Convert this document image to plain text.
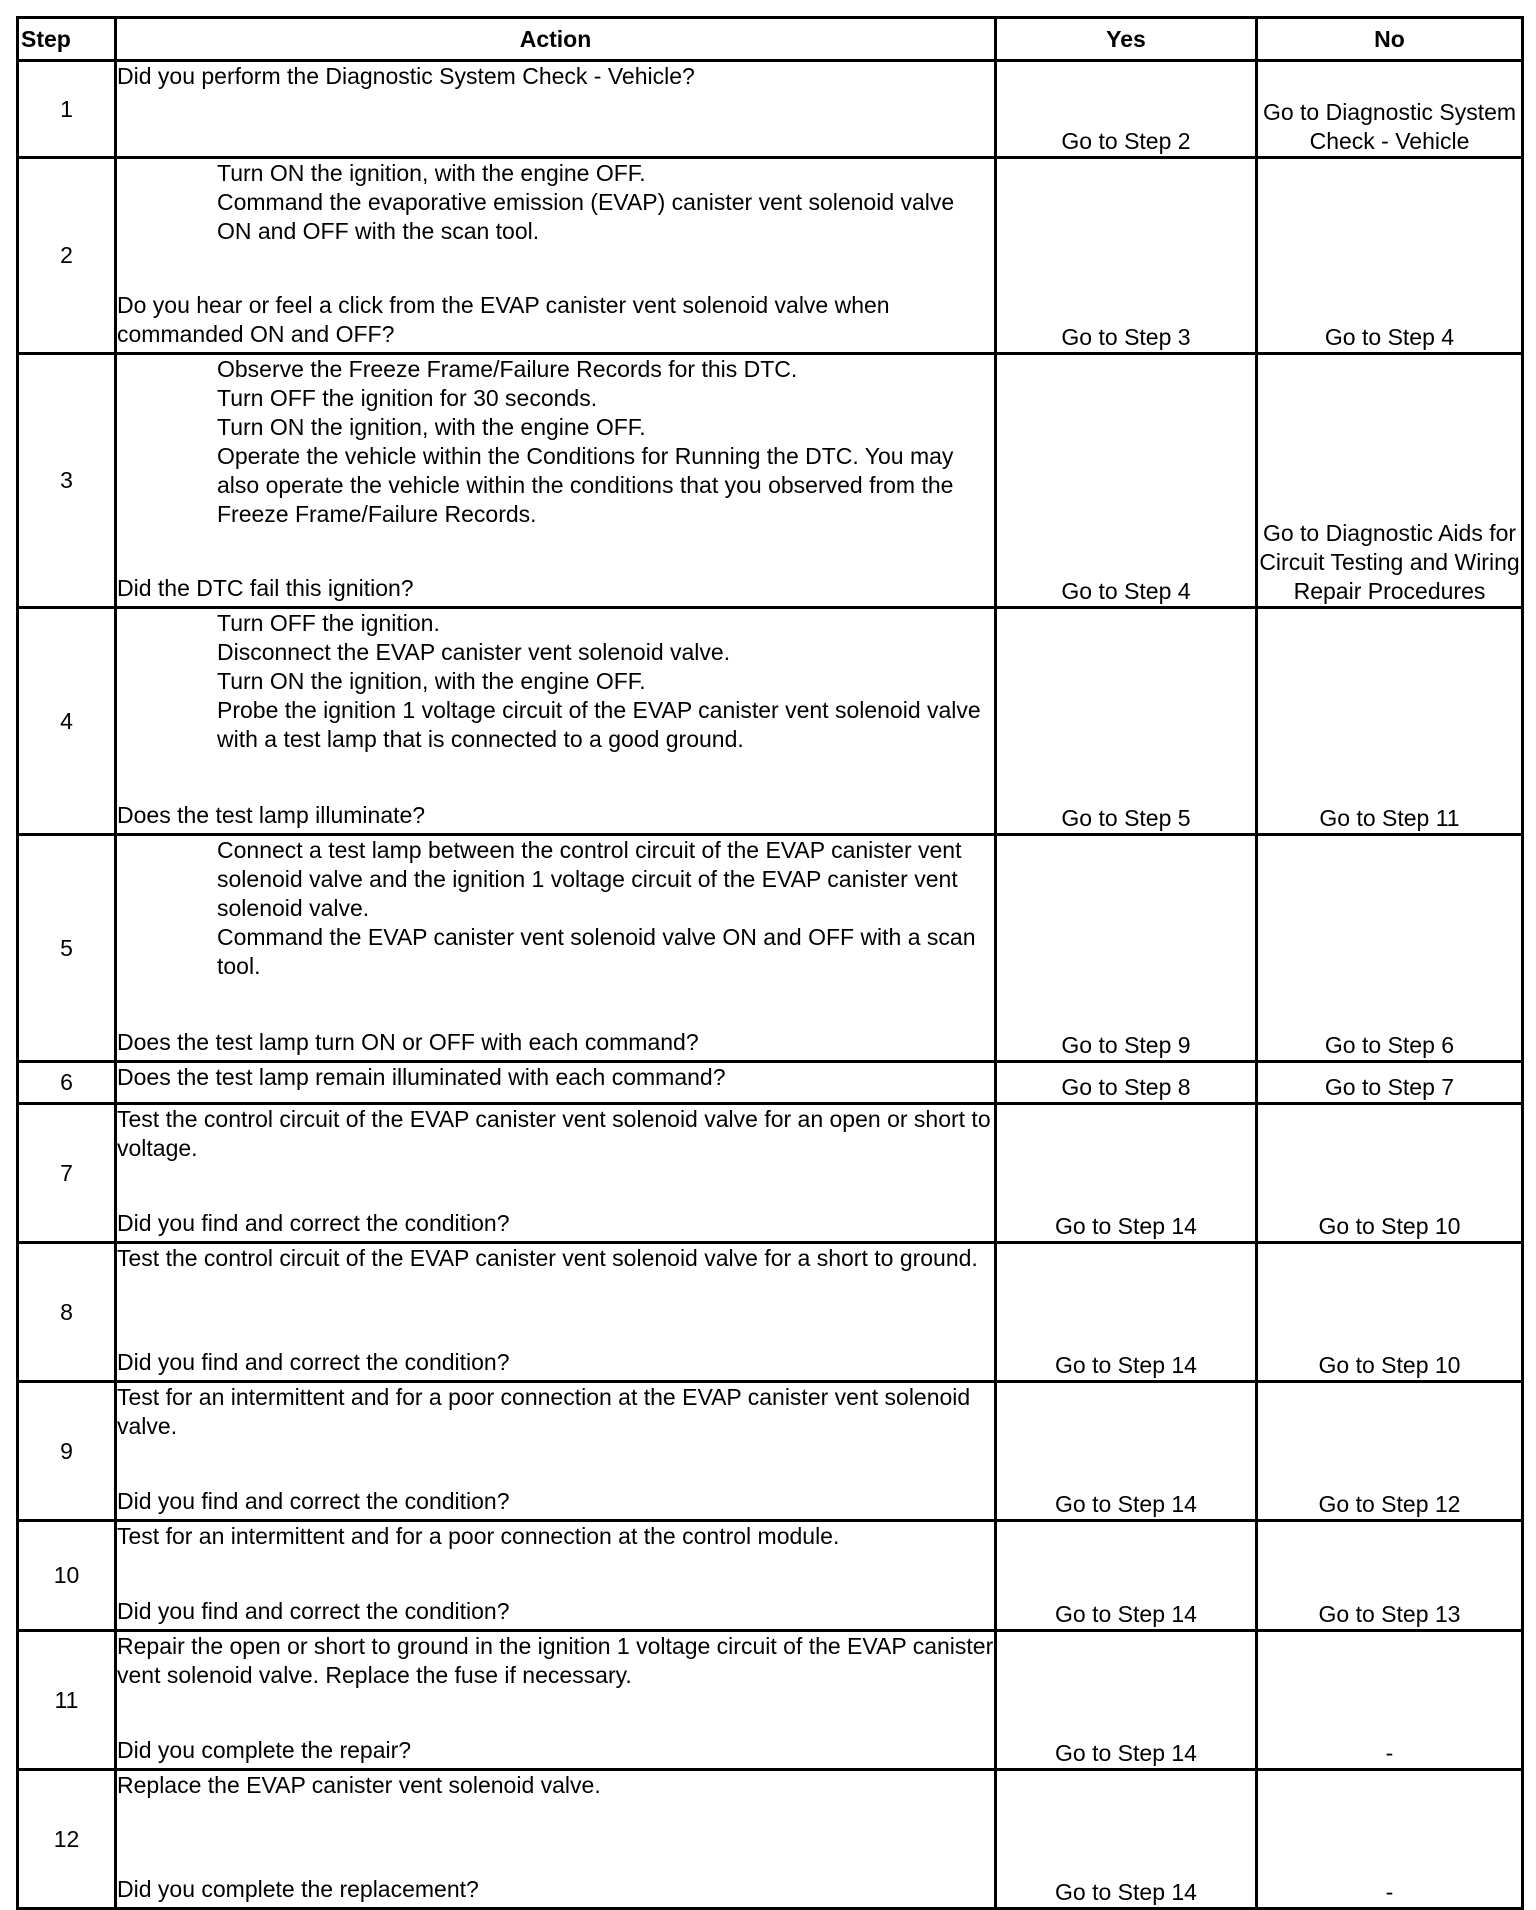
Step	Action	Yes	No
1	Did you perform the Diagnostic System Check - Vehicle?	Go to Step 2	Go to Diagnostic System Check - Vehicle
2	Turn ON the ignition, with the engine OFF.
Command the evaporative emission (EVAP) canister vent solenoid valve ON and OFF with the scan tool.
Do you hear or feel a click from the EVAP canister vent solenoid valve when commanded ON and OFF?	Go to Step 3	Go to Step 4
3	Observe the Freeze Frame/Failure Records for this DTC.
Turn OFF the ignition for 30 seconds.
Turn ON the ignition, with the engine OFF.
Operate the vehicle within the Conditions for Running the DTC. You may also operate the vehicle within the conditions that you observed from the Freeze Frame/Failure Records.
Did the DTC fail this ignition?	Go to Step 4	Go to Diagnostic Aids for Circuit Testing and Wiring Repair Procedures
4	Turn OFF the ignition.
Disconnect the EVAP canister vent solenoid valve.
Turn ON the ignition, with the engine OFF.
Probe the ignition 1 voltage circuit of the EVAP canister vent solenoid valve with a test lamp that is connected to a good ground.
Does the test lamp illuminate?	Go to Step 5	Go to Step 11
5	Connect a test lamp between the control circuit of the EVAP canister vent solenoid valve and the ignition 1 voltage circuit of the EVAP canister vent solenoid valve.
Command the EVAP canister vent solenoid valve ON and OFF with a scan tool.
Does the test lamp turn ON or OFF with each command?	Go to Step 9	Go to Step 6
6	Does the test lamp remain illuminated with each command?	Go to Step 8	Go to Step 7
7	Test the control circuit of the EVAP canister vent solenoid valve for an open or short to voltage.
Did you find and correct the condition?	Go to Step 14	Go to Step 10
8	Test the control circuit of the EVAP canister vent solenoid valve for a short to ground.
Did you find and correct the condition?	Go to Step 14	Go to Step 10
9	Test for an intermittent and for a poor connection at the EVAP canister vent solenoid valve.
Did you find and correct the condition?	Go to Step 14	Go to Step 12
10	Test for an intermittent and for a poor connection at the control module.
Did you find and correct the condition?	Go to Step 14	Go to Step 13
11	Repair the open or short to ground in the ignition 1 voltage circuit of the EVAP canister vent solenoid valve. Replace the fuse if necessary.
Did you complete the repair?	Go to Step 14	-
12	Replace the EVAP canister vent solenoid valve.
Did you complete the replacement?	Go to Step 14	-
